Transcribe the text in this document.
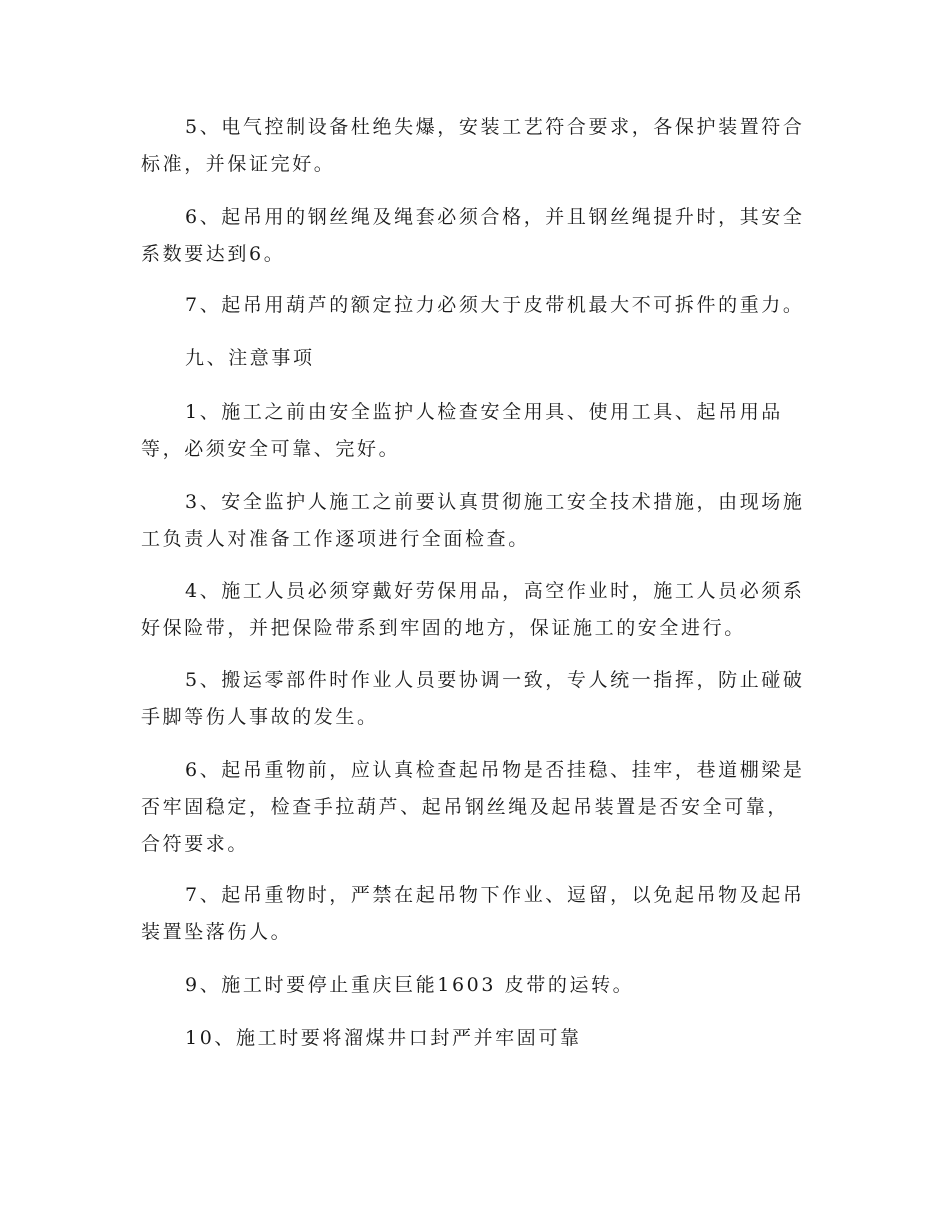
5、电气控制设备杜绝失爆，安装工艺符合要求，各保护装置符合
标准，并保证完好。

6、起吊用的钢丝绳及绳套必须合格，并且钢丝绳提升时，其安全
系数要达到6。

7、起吊用葫芦的额定拉力必须大于皮带机最大不可拆件的重力。

九、注意事项

1、施工之前由安全监护人检查安全用具、使用工具、起吊用品
等，必须安全可靠、完好。

3、安全监护人施工之前要认真贯彻施工安全技术措施，由现场施
工负责人对准备工作逐项进行全面检查。

4、施工人员必须穿戴好劳保用品，高空作业时，施工人员必须系
好保险带，并把保险带系到牢固的地方，保证施工的安全进行。

5、搬运零部件时作业人员要协调一致，专人统一指挥，防止碰破
手脚等伤人事故的发生。

6、起吊重物前，应认真检查起吊物是否挂稳、挂牢，巷道棚梁是
否牢固稳定，检查手拉葫芦、起吊钢丝绳及起吊装置是否安全可靠，
合符要求。

7、起吊重物时，严禁在起吊物下作业、逗留，以免起吊物及起吊
装置坠落伤人。

9、施工时要停止重庆巨能1603 皮带的运转。

10、施工时要将溜煤井口封严并牢固可靠
